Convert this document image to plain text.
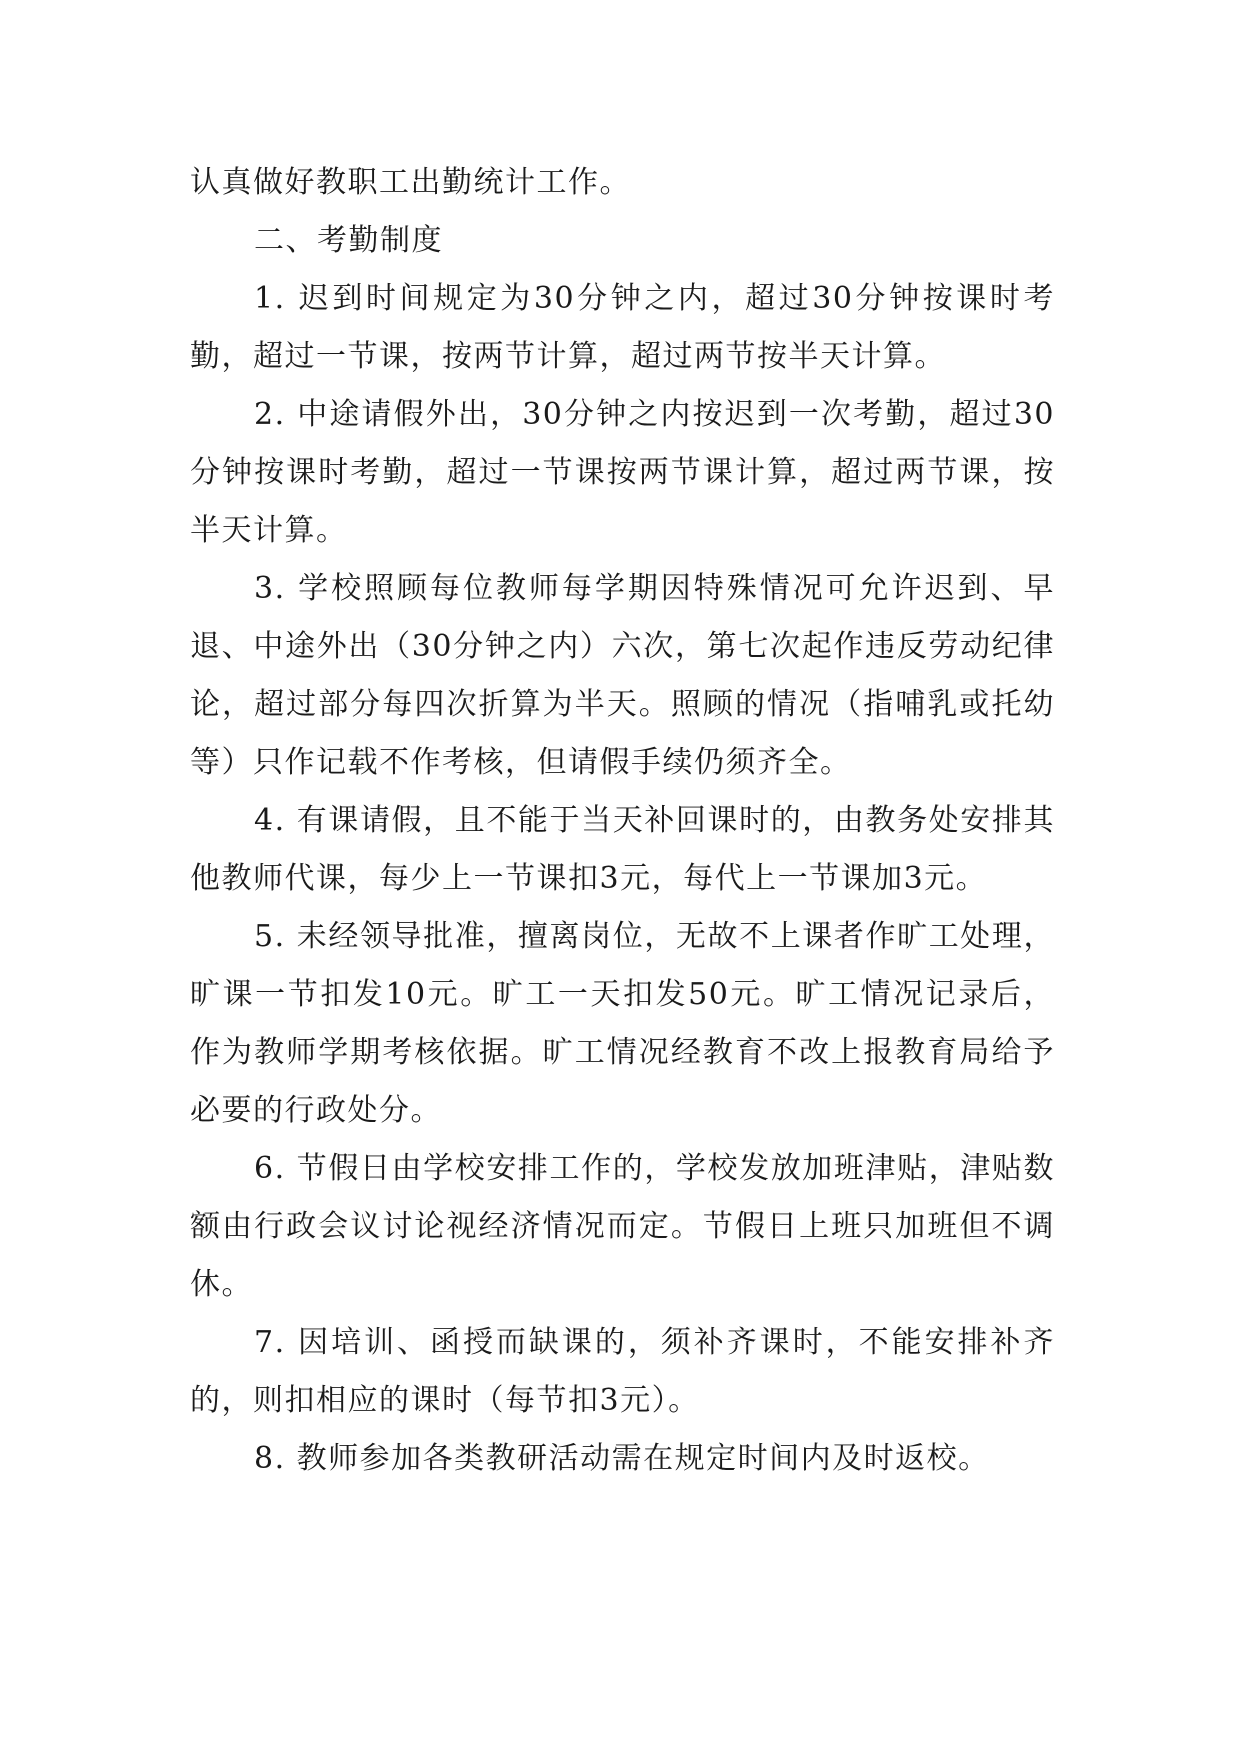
认真做好教职工出勤统计工作。

二、考勤制度

1. 迟到时间规定为30分钟之内，超过30分钟按课时考勤，超过一节课，按两节计算，超过两节按半天计算。

2. 中途请假外出，30分钟之内按迟到一次考勤，超过30分钟按课时考勤，超过一节课按两节课计算，超过两节课，按半天计算。

3. 学校照顾每位教师每学期因特殊情况可允许迟到、早退、中途外出（30分钟之内）六次，第七次起作违反劳动纪律论，超过部分每四次折算为半天。照顾的情况（指哺乳或托幼等）只作记载不作考核，但请假手续仍须齐全。

4. 有课请假，且不能于当天补回课时的，由教务处安排其他教师代课，每少上一节课扣3元，每代上一节课加3元。

5. 未经领导批准，擅离岗位，无故不上课者作旷工处理，旷课一节扣发10元。旷工一天扣发50元。旷工情况记录后，作为教师学期考核依据。旷工情况经教育不改上报教育局给予必要的行政处分。

6. 节假日由学校安排工作的，学校发放加班津贴，津贴数额由行政会议讨论视经济情况而定。节假日上班只加班但不调休。

7. 因培训、函授而缺课的，须补齐课时，不能安排补齐的，则扣相应的课时（每节扣3元）。

8. 教师参加各类教研活动需在规定时间内及时返校。
